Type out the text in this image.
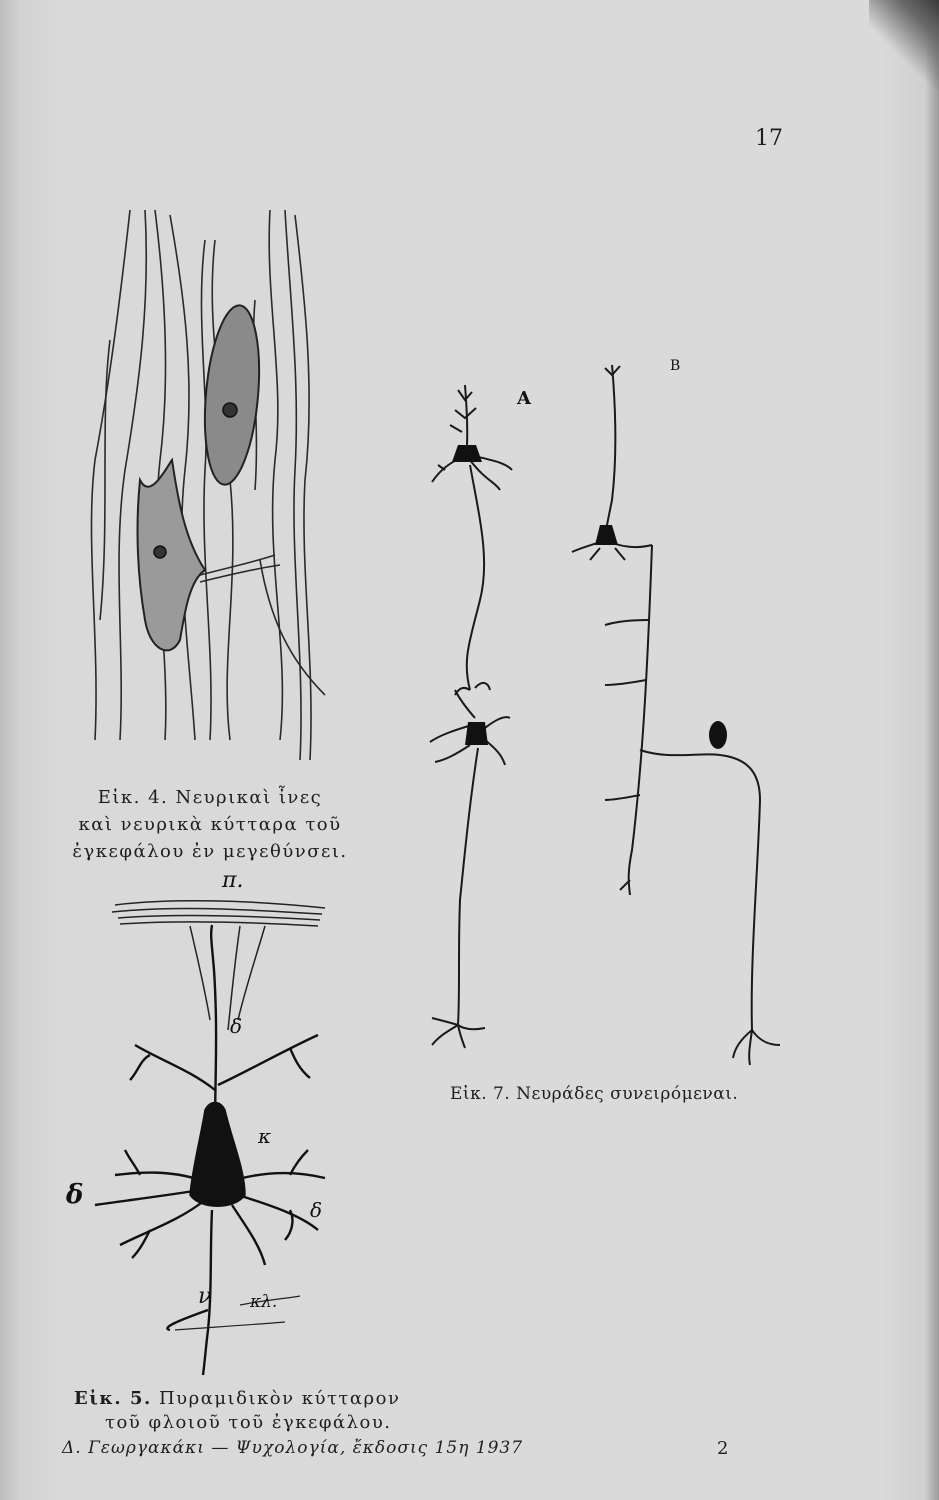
17
Εἰκ. 4. Νευρικαὶ ἶνες
καὶ νευρικὰ κύτταρα τοῦ
ἐγκεφάλου ἐν μεγεθύνσει.
π.
δ
κ
δ	δ
ν κλ.
A
B
Εἰκ. 7. Νευράδες συνειρόμεναι.
Εἰκ. 5. Πυραμιδικὸν κύτταρον
τοῦ φλοιοῦ τοῦ ἐγκεφάλου.
Δ. Γεωργακάκι — Ψυχολογία, ἔκδοσις 15η 1937	2
